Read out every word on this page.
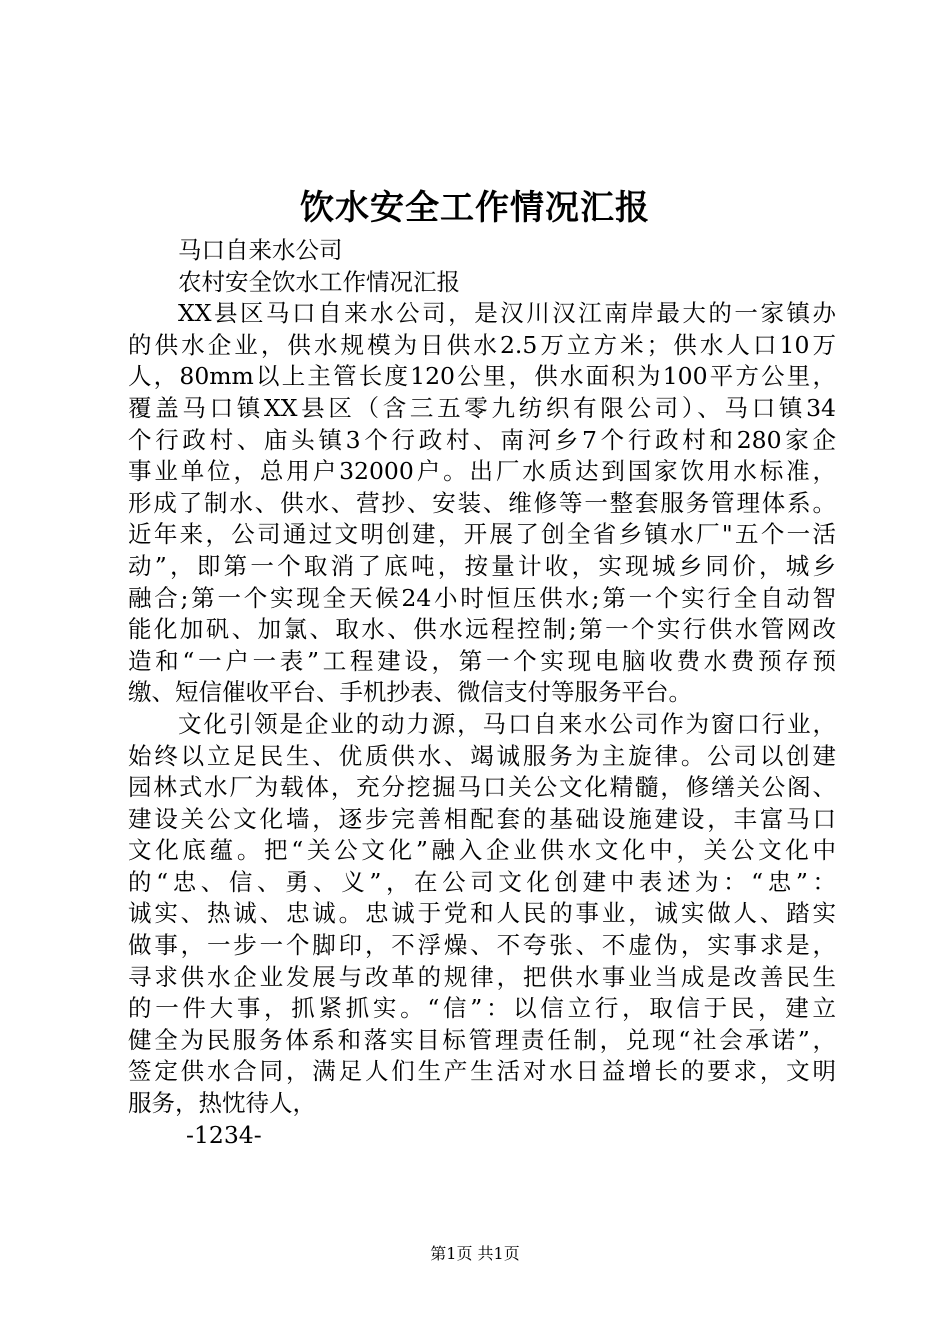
饮水安全工作情况汇报
马口自来水公司
农村安全饮水工作情况汇报
XX县区马口自来水公司，是汉川汉江南岸最大的一家镇办
的供水企业，供水规模为日供水2.5万立方米；供水人口10万
人，80mm以上主管长度120公里，供水面积为100平方公里，
覆盖马口镇XX县区（含三五零九纺织有限公司）、马口镇34
个行政村、庙头镇3个行政村、南河乡7个行政村和280家企
事业单位，总用户32000户。出厂水质达到国家饮用水标准，
形成了制水、供水、营抄、安装、维修等一整套服务管理体系。
近年来，公司通过文明创建，开展了创全省乡镇水厂"五个一活
动”，即第一个取消了底吨，按量计收，实现城乡同价，城乡
融合;第一个实现全天候24小时恒压供水;第一个实行全自动智
能化加矾、加氯、取水、供水远程控制;第一个实行供水管网改
造和“一户一表”工程建设，第一个实现电脑收费水费预存预
缴、短信催收平台、手机抄表、微信支付等服务平台。
文化引领是企业的动力源，马口自来水公司作为窗口行业，
始终以立足民生、优质供水、竭诚服务为主旋律。公司以创建
园林式水厂为载体，充分挖掘马口关公文化精髓，修缮关公阁、
建设关公文化墙，逐步完善相配套的基础设施建设，丰富马口
文化底蕴。把“关公文化”融入企业供水文化中，关公文化中
的“忠、信、勇、义”，在公司文化创建中表述为：“忠”：
诚实、热诚、忠诚。忠诚于党和人民的事业，诚实做人、踏实
做事，一步一个脚印，不浮燥、不夸张、不虚伪，实事求是，
寻求供水企业发展与改革的规律，把供水事业当成是改善民生
的一件大事，抓紧抓实。“信”：以信立行，取信于民，建立
健全为民服务体系和落实目标管理责任制，兑现“社会承诺”，
签定供水合同，满足人们生产生活对水日益增长的要求，文明
服务，热忱待人，
-1234-
第1页 共1页
